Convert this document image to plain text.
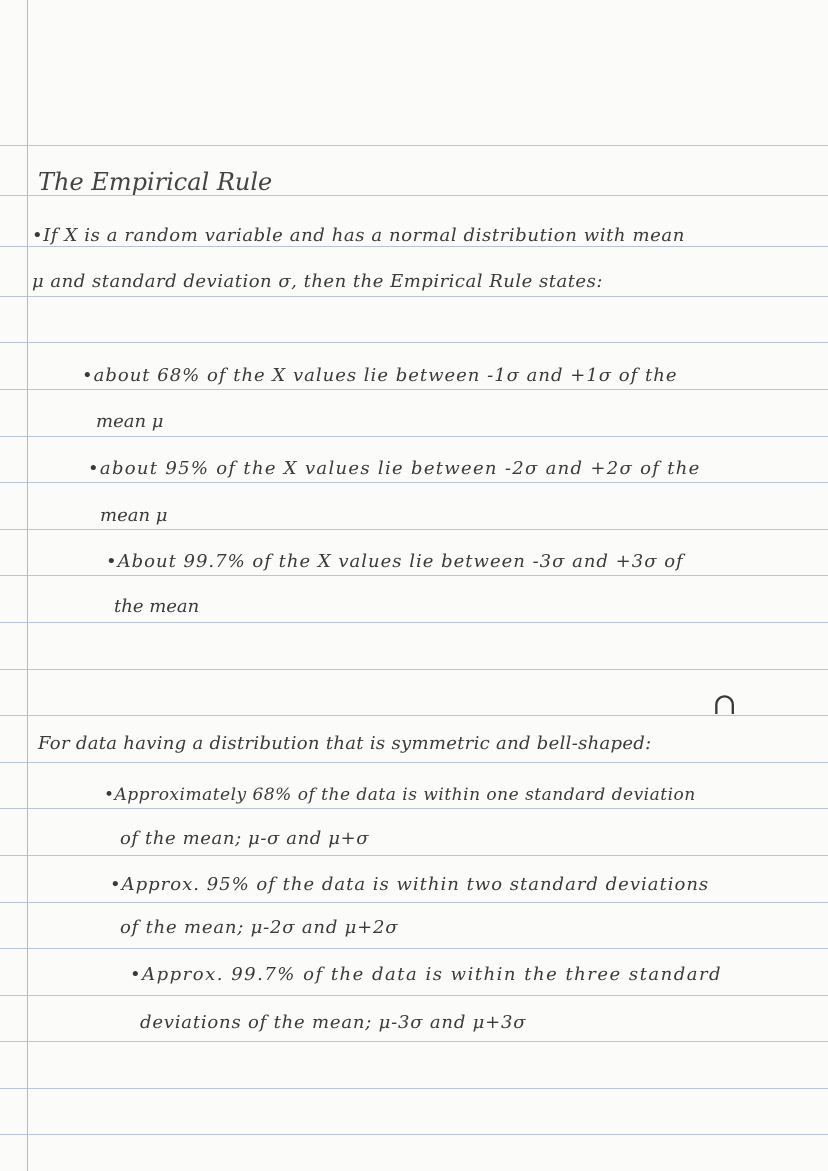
The Empirical Rule
•If X is a random variable and has a normal distribution with mean
μ and standard deviation σ, then the Empirical Rule states:
•about 68% of the X values lie between -1σ and +1σ of the
mean μ
•about 95% of the X values lie between -2σ and +2σ of the
mean μ
•About 99.7% of the X values lie between -3σ and +3σ of
the mean
∩
For data having a distribution that is symmetric and bell-shaped:
•Approximately 68% of the data is within one standard deviation
of the mean; μ-σ and μ+σ
•Approx. 95% of the data is within two standard deviations
of the mean; μ-2σ and μ+2σ
•Approx. 99.7% of the data is within the three standard
deviations of the mean; μ-3σ and μ+3σ
